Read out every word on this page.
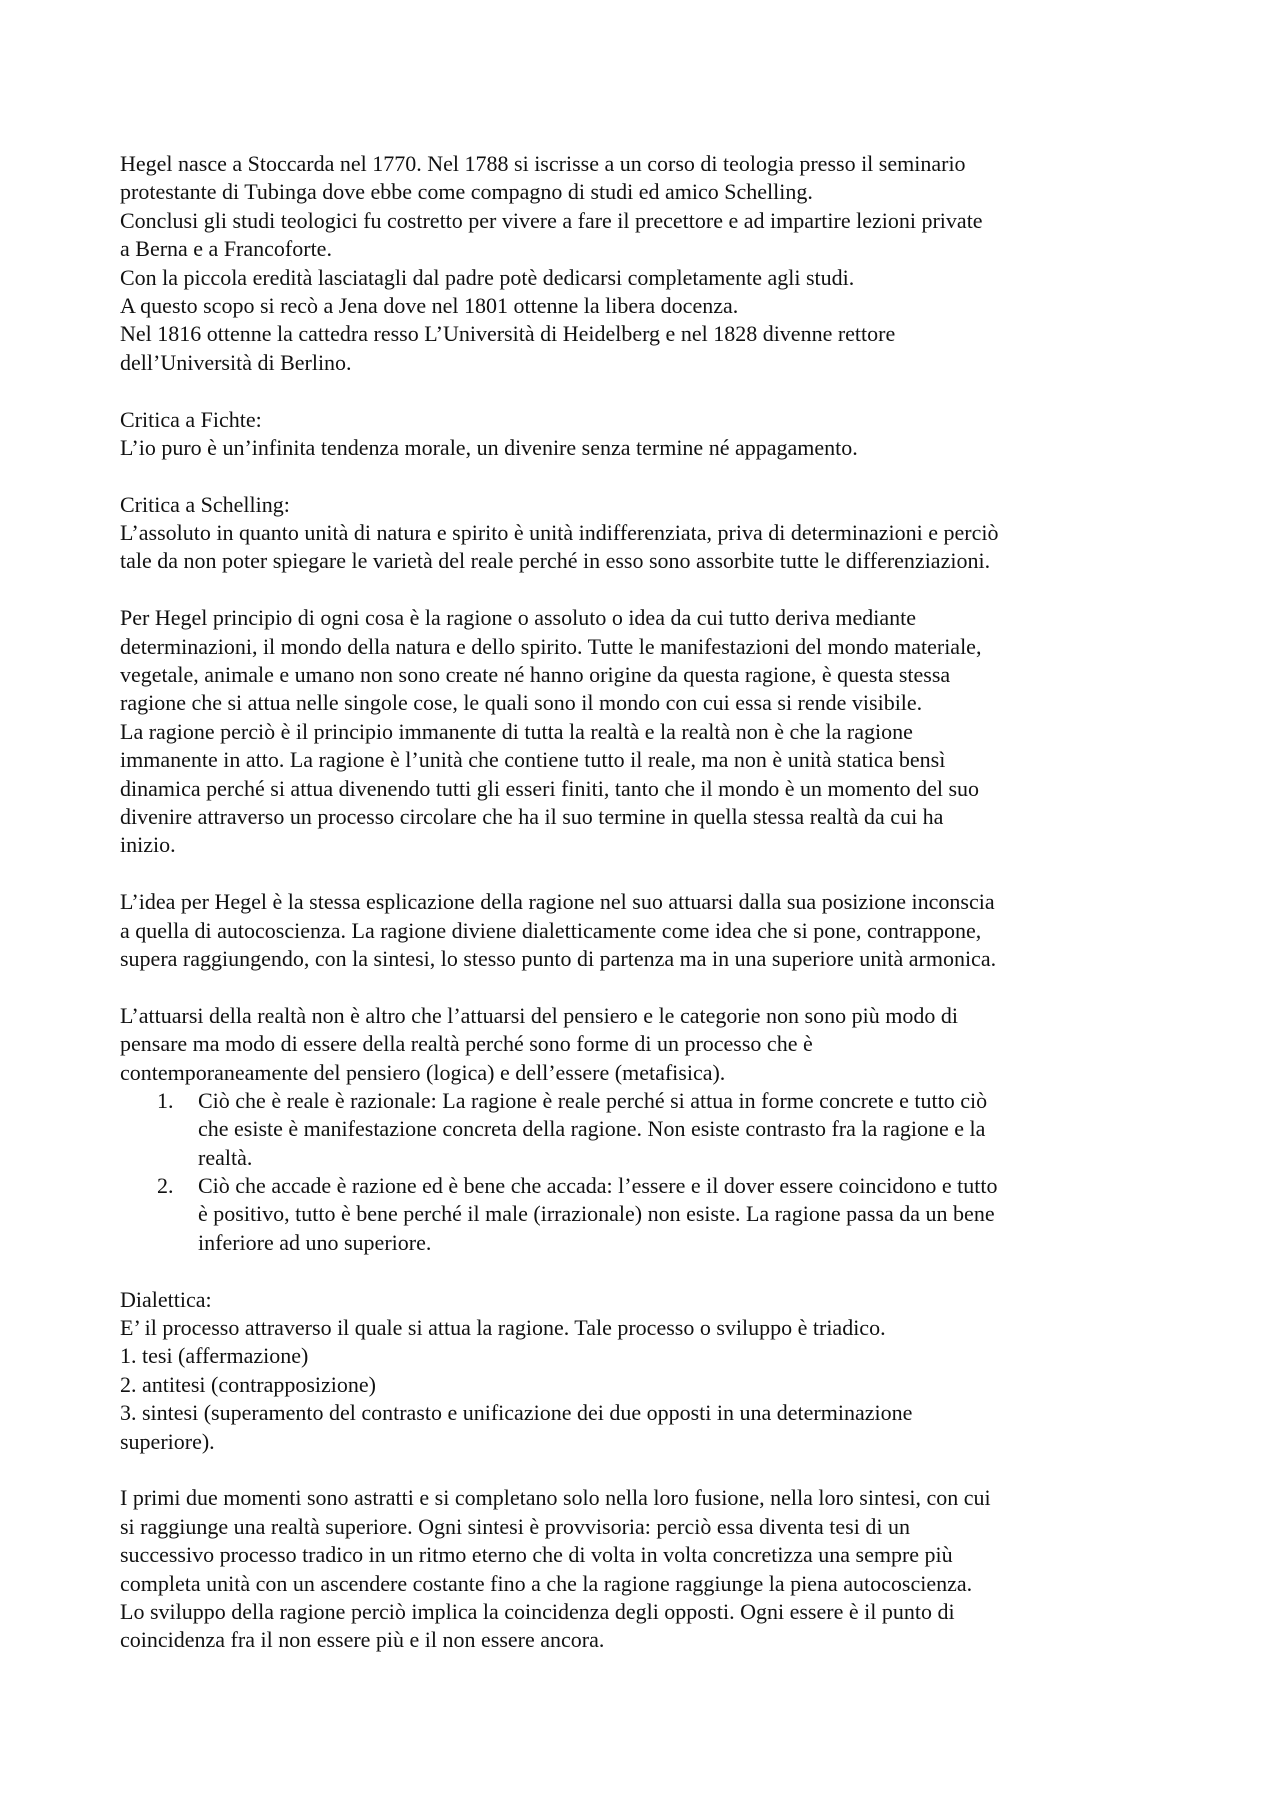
Hegel nasce a Stoccarda nel 1770. Nel 1788 si iscrisse a un corso di teologia presso il seminario
protestante di Tubinga dove ebbe come compagno di studi ed amico Schelling.
Conclusi gli studi teologici fu costretto per vivere a fare il precettore e ad impartire lezioni private
a Berna e a Francoforte.
Con la piccola eredità lasciatagli dal padre potè dedicarsi completamente agli studi.
A questo scopo si recò a Jena dove nel 1801 ottenne la libera docenza.
Nel 1816 ottenne la cattedra resso L’Università di Heidelberg e nel 1828 divenne rettore
dell’Università di Berlino.
Critica a Fichte:
L’io puro è un’infinita tendenza morale, un divenire senza termine né appagamento.
Critica a Schelling:
L’assoluto in quanto unità di natura e spirito è unità indifferenziata, priva di determinazioni e perciò
tale da non poter spiegare le varietà del reale perché in esso sono assorbite tutte le differenziazioni.
Per Hegel principio di ogni cosa è la ragione o assoluto o idea da cui tutto deriva mediante
determinazioni, il mondo della natura e dello spirito. Tutte le manifestazioni del mondo materiale,
vegetale, animale e umano non sono create né hanno origine da questa ragione, è questa stessa
ragione che si attua nelle singole cose, le quali sono il mondo con cui essa si rende visibile.
La ragione perciò è il principio immanente di tutta la realtà e la realtà non è che la ragione
immanente in atto. La ragione è l’unità che contiene tutto il reale, ma non è unità statica bensì
dinamica perché si attua divenendo tutti gli esseri finiti, tanto che il mondo è un momento del suo
divenire attraverso un processo circolare che ha il suo termine in quella stessa realtà da cui ha
inizio.
L’idea per Hegel è la stessa esplicazione della ragione nel suo attuarsi dalla sua posizione inconscia
a quella di autocoscienza. La ragione diviene dialetticamente come idea che si pone, contrappone,
supera raggiungendo, con la sintesi, lo stesso punto di partenza ma in una superiore unità armonica.
L’attuarsi della realtà non è altro che l’attuarsi del pensiero e le categorie non sono più modo di
pensare ma modo di essere della realtà perché sono forme di un processo che è
contemporaneamente del pensiero (logica) e dell’essere (metafisica).
1. Ciò che è reale è razionale: La ragione è reale perché si attua in forme concrete e tutto ciò
che esiste è manifestazione concreta della ragione. Non esiste contrasto fra la ragione e la
realtà.
2. Ciò che accade è razione ed è bene che accada: l’essere e il dover essere coincidono e tutto
è positivo, tutto è bene perché il male (irrazionale) non esiste. La ragione passa da un bene
inferiore ad uno superiore.
Dialettica:
E’ il processo attraverso il quale si attua la ragione. Tale processo o sviluppo è triadico.
1. tesi (affermazione)
2. antitesi (contrapposizione)
3. sintesi (superamento del contrasto e unificazione dei due opposti in una determinazione
superiore).
I primi due momenti sono astratti e si completano solo nella loro fusione, nella loro sintesi, con cui
si raggiunge una realtà superiore. Ogni sintesi è provvisoria: perciò essa diventa tesi di un
successivo processo tradico in un ritmo eterno che di volta in volta concretizza una sempre più
completa unità con un ascendere costante fino a che la ragione raggiunge la piena autocoscienza.
Lo sviluppo della ragione perciò implica la coincidenza degli opposti. Ogni essere è il punto di
coincidenza fra il non essere più e il non essere ancora.
